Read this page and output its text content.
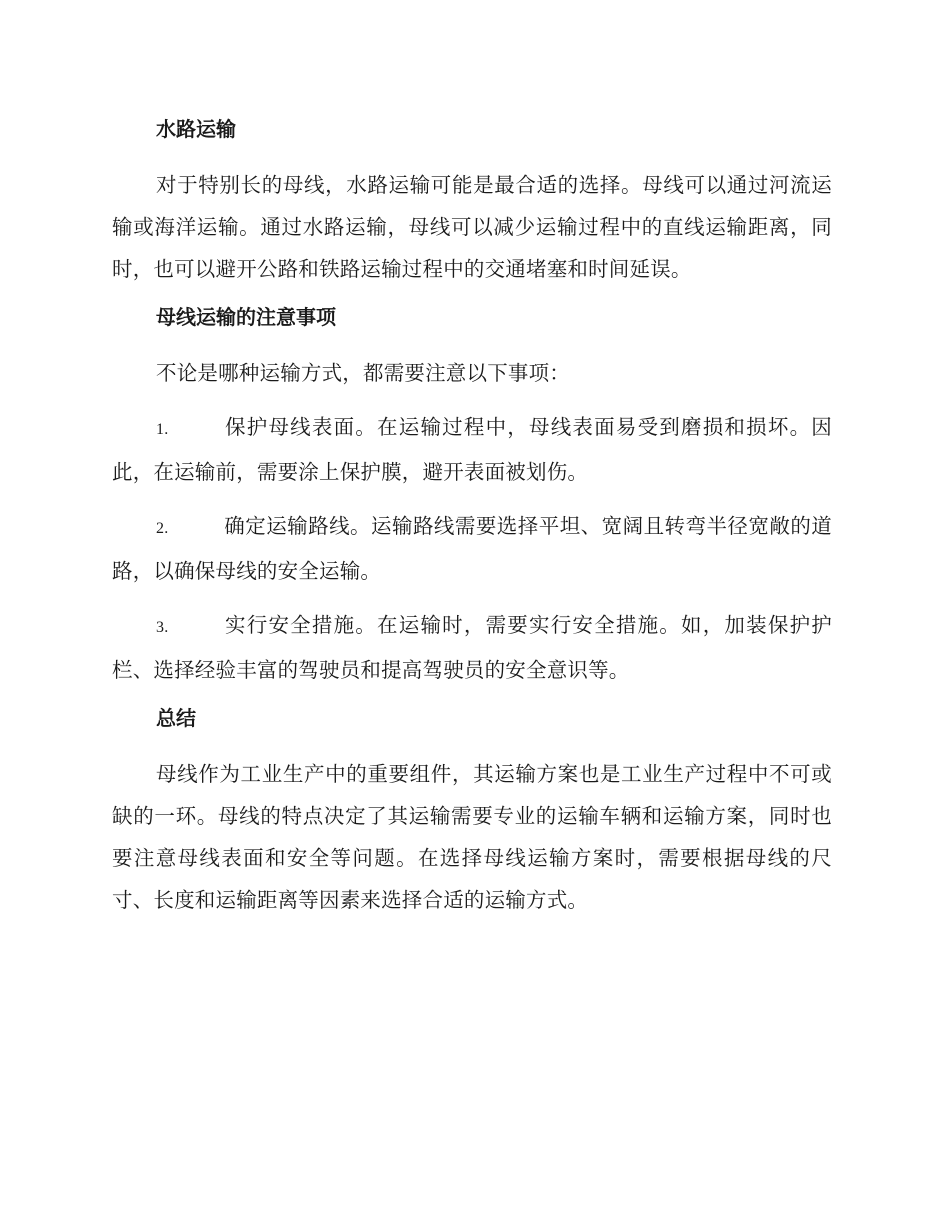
水路运输

对于特别长的母线，水路运输可能是最合适的选择。母线可以通过河流运输或海洋运输。通过水路运输，母线可以减少运输过程中的直线运输距离，同时，也可以避开公路和铁路运输过程中的交通堵塞和时间延误。

母线运输的注意事项

不论是哪种运输方式，都需要注意以下事项：

1.	保护母线表面。在运输过程中，母线表面易受到磨损和损坏。因此，在运输前，需要涂上保护膜，避开表面被划伤。

2.	确定运输路线。运输路线需要选择平坦、宽阔且转弯半径宽敞的道路，以确保母线的安全运输。

3.	实行安全措施。在运输时，需要实行安全措施。如，加装保护护栏、选择经验丰富的驾驶员和提高驾驶员的安全意识等。

总结

母线作为工业生产中的重要组件，其运输方案也是工业生产过程中不可或缺的一环。母线的特点决定了其运输需要专业的运输车辆和运输方案，同时也要注意母线表面和安全等问题。在选择母线运输方案时，需要根据母线的尺寸、长度和运输距离等因素来选择合适的运输方式。
